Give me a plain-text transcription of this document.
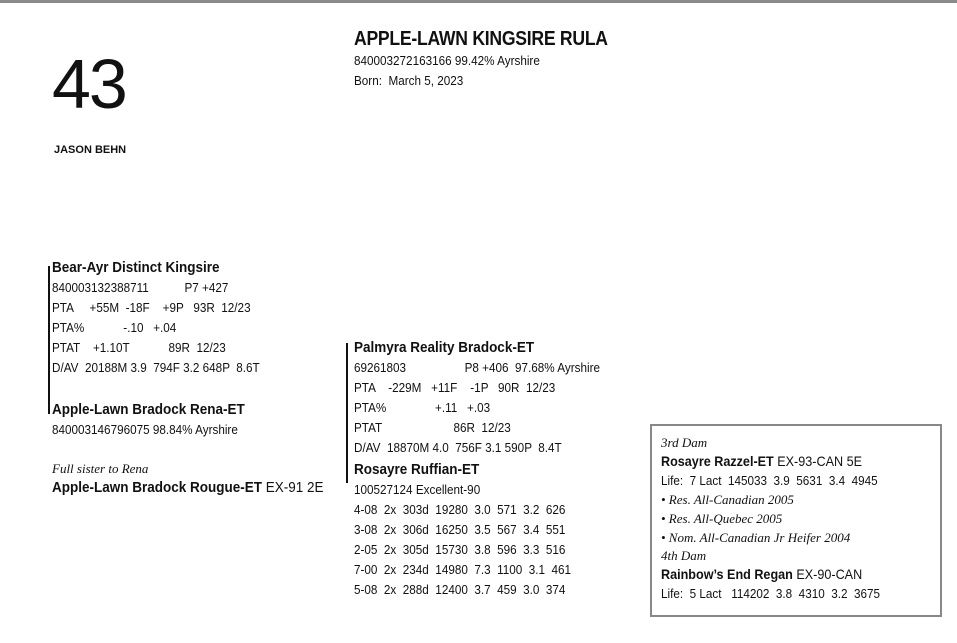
43
JASON BEHN
APPLE-LAWN KINGSIRE RULA
840003272163166 99.42% Ayrshire
Born:  March 5, 2023
Bear-Ayr Distinct Kingsire
840003132388711           P7 +427
PTA     +55M  -18F    +9P   93R  12/23
PTA%            -.10   +.04
PTAT    +1.10T            89R  12/23
D/AV  20188M 3.9  794F 3.2 648P  8.6T
Apple-Lawn Bradock Rena-ET
840003146796075 98.84% Ayrshire
Full sister to Rena
Apple-Lawn Bradock Rougue-ET EX-91 2E
Palmyra Reality Bradock-ET
69261803                  P8 +406  97.68% Ayrshire
PTA    -229M   +11F    -1P   90R  12/23
PTA%               +.11   +.03
PTAT                      86R  12/23
D/AV  18870M 4.0  756F 3.1 590P  8.4T
Rosayre Ruffian-ET
100527124 Excellent-90
4-08  2x  303d  19280  3.0  571  3.2  626
3-08  2x  306d  16250  3.5  567  3.4  551
2-05  2x  305d  15730  3.8  596  3.3  516
7-00  2x  234d  14980  7.3  1100  3.1  461
5-08  2x  288d  12400  3.7  459  3.0  374
3rd Dam
Rosayre Razzel-ET EX-93-CAN 5E
Life:  7 Lact  145033  3.9  5631  3.4  4945
• Res. All-Canadian 2005
• Res. All-Quebec 2005
• Nom. All-Canadian Jr Heifer 2004
4th Dam
Rainbow’s End Regan EX-90-CAN
Life:  5 Lact   114202  3.8  4310  3.2  3675
